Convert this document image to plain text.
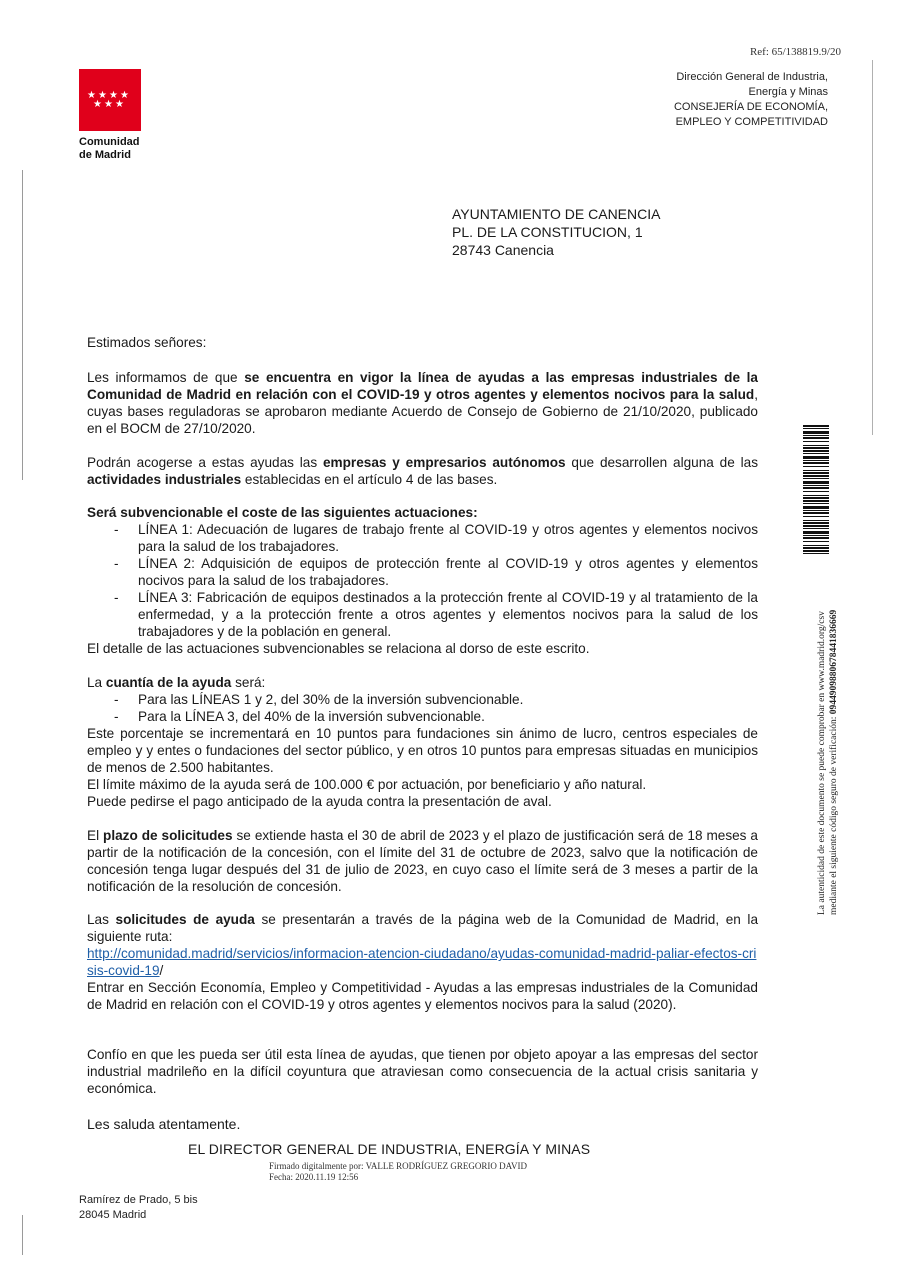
Ref: 65/138819.9/20
Dirección General de Industria,
Energía y Minas
CONSEJERÍA DE ECONOMÍA,
EMPLEO Y COMPETITIVIDAD
★ ★ ★ ★
★ ★ ★
Comunidad
de Madrid
AYUNTAMIENTO DE CANENCIA
PL. DE LA CONSTITUCION, 1
28743 Canencia

Estimados señores:

Les informamos de que se encuentra en vigor la línea de ayudas a las empresas industriales de la Comunidad de Madrid en relación con el COVID-19 y otros agentes y elementos nocivos para la salud, cuyas bases reguladoras se aprobaron mediante Acuerdo de Consejo de Gobierno de 21/10/2020, publicado en el BOCM de 27/10/2020.

Podrán acogerse a estas ayudas las empresas y empresarios autónomos que desarrollen alguna de las actividades industriales establecidas en el artículo 4 de las bases.

Será subvencionable el coste de las siguientes actuaciones:

- LÍNEA 1: Adecuación de lugares de trabajo frente al COVID-19 y otros agentes y elementos nocivos para la salud de los trabajadores.
- LÍNEA 2: Adquisición de equipos de protección frente al COVID-19 y otros agentes y elementos nocivos para la salud de los trabajadores.
- LÍNEA 3: Fabricación de equipos destinados a la protección frente al COVID-19 y al tratamiento de la enfermedad, y a la protección frente a otros agentes y elementos nocivos para la salud de los trabajadores y de la población en general.

El detalle de las actuaciones subvencionables se relaciona al dorso de este escrito.

La cuantía de la ayuda será:

- Para las LÍNEAS 1 y 2, del 30% de la inversión subvencionable.
- Para la LÍNEA 3, del 40% de la inversión subvencionable.

Este porcentaje se incrementará en 10 puntos para fundaciones sin ánimo de lucro, centros especiales de empleo y y entes o fundaciones del sector público, y en otros 10 puntos para empresas situadas en municipios de menos de 2.500 habitantes.

El límite máximo de la ayuda será de 100.000 € por actuación, por beneficiario y año natural.

Puede pedirse el pago anticipado de la ayuda contra la presentación de aval.

El plazo de solicitudes se extiende hasta el 30 de abril de 2023 y el plazo de justificación será de 18 meses a partir de la notificación de la concesión, con el límite del 31 de octubre de 2023, salvo que la notificación de concesión tenga lugar después del 31 de julio de 2023, en cuyo caso el límite será de 3 meses a partir de la notificación de la resolución de concesión.

Las solicitudes de ayuda se presentarán a través de la página web de la Comunidad de Madrid, en la siguiente ruta:

http://comunidad.madrid/servicios/informacion-atencion-ciudadano/ayudas-comunidad-madrid-paliar-efectos-crisis-covid-19/

Entrar en Sección Economía, Empleo y Competitividad - Ayudas a las empresas industriales de la Comunidad de Madrid en relación con el COVID-19 y otros agentes y elementos nocivos para la salud (2020).

Confío en que les pueda ser útil esta línea de ayudas, que tienen por objeto apoyar a las empresas del sector industrial madrileño en la difícil coyuntura que atraviesan como consecuencia de la actual crisis sanitaria y económica.

Les saluda atentamente.
EL DIRECTOR GENERAL DE INDUSTRIA, ENERGÍA Y MINAS
Firmado digitalmente por: VALLE RODRÍGUEZ GREGORIO DAVID
Fecha: 2020.11.19 12:56
Ramírez de Prado, 5 bis
28045 Madrid
La autenticidad de este documento se puede comprobar en www.madrid.org/csv mediante el siguiente código seguro de verificación: 0944909880678441836669
